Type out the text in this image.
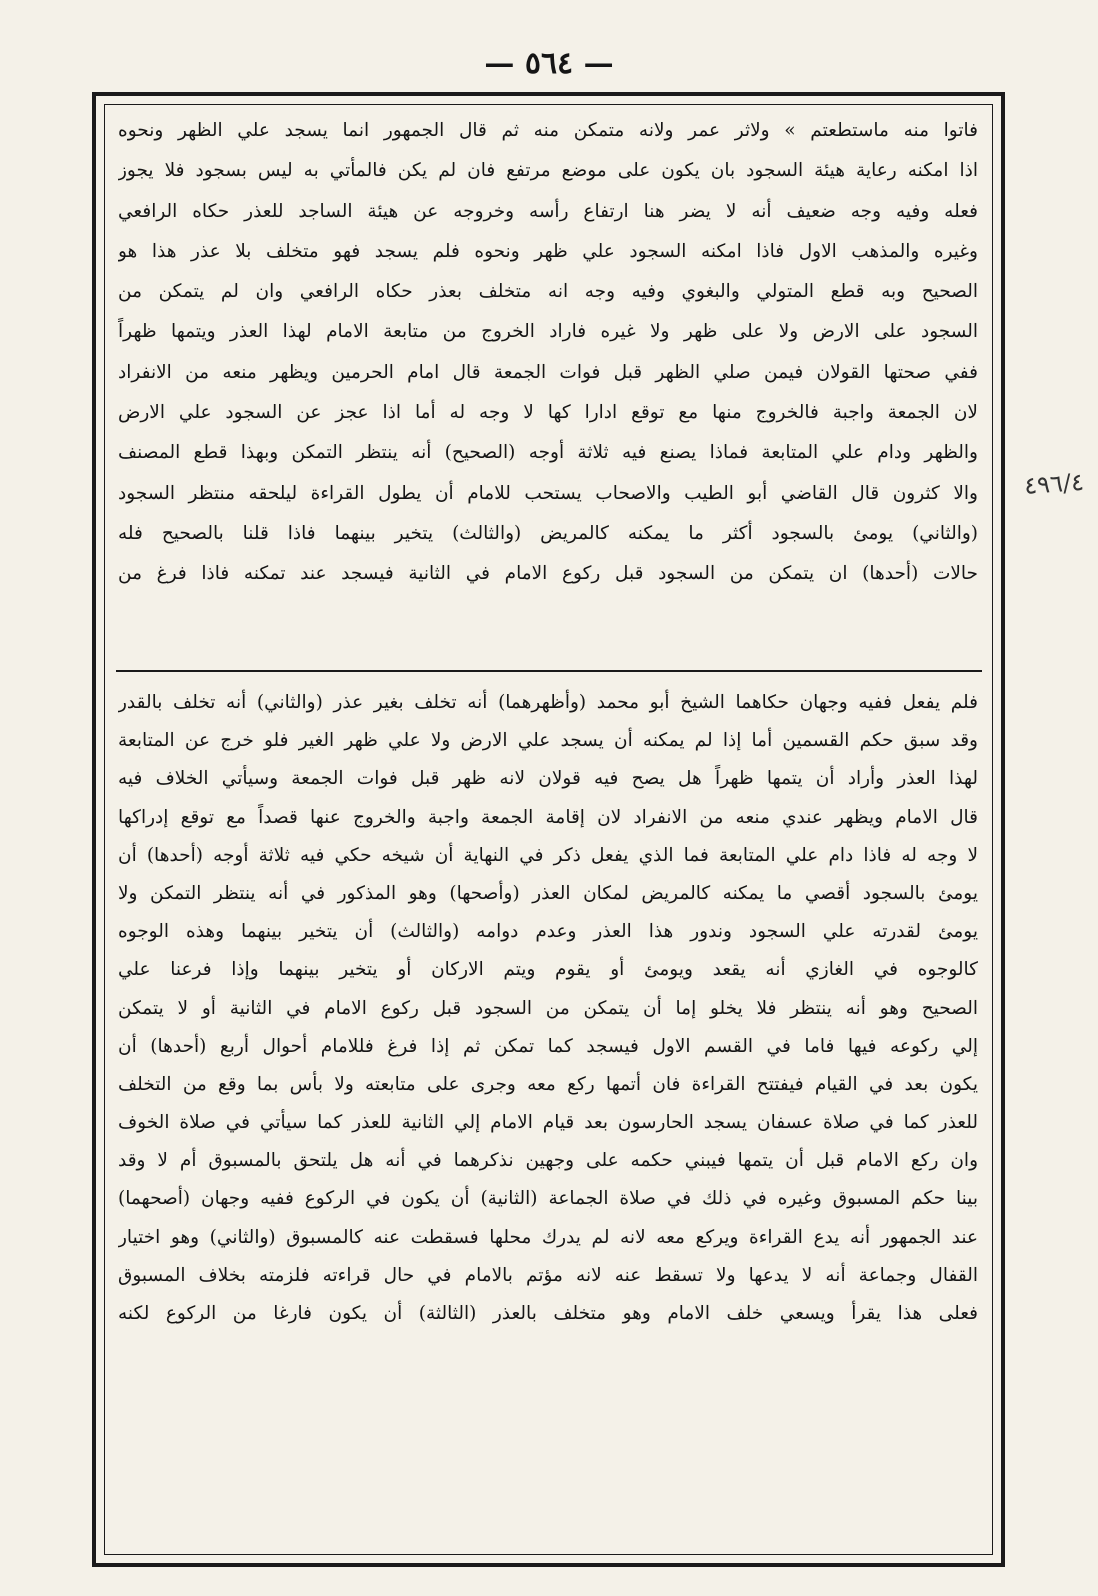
— ٥٦٤ —
فاتوا منه ماستطعتم » ولاثر عمر ولانه متمكن منه ثم قال الجمهور انما يسجد علي الظهر ونحوه
اذا امكنه رعاية هيئة السجود بان يكون على موضع مرتفع فان لم يكن فالمأتي به ليس بسجود فلا يجوز
فعله وفيه وجه ضعيف أنه لا يضر هنا ارتفاع رأسه وخروجه عن هيئة الساجد للعذر حكاه الرافعي
وغيره والمذهب الاول فاذا امكنه السجود علي ظهر ونحوه فلم يسجد فهو متخلف بلا عذر هذا هو
الصحيح وبه قطع المتولي والبغوي وفيه وجه انه متخلف بعذر حكاه الرافعي وان لم يتمكن من
السجود على الارض ولا على ظهر ولا غيره فاراد الخروج من متابعة الامام لهذا العذر ويتمها ظهراً
ففي صحتها القولان فيمن صلي الظهر قبل فوات الجمعة قال امام الحرمين ويظهر منعه من الانفراد
لان الجمعة واجبة فالخروج منها مع توقع ادارا كها لا وجه له أما اذا عجز عن السجود علي الارض
والظهر ودام علي المتابعة فماذا يصنع فيه ثلاثة أوجه (الصحيح) أنه ينتظر التمكن وبهذا قطع المصنف
والا كثرون قال القاضي أبو الطيب والاصحاب يستحب للامام أن يطول القراءة ليلحقه منتظر السجود
(والثاني) يومئ بالسجود أكثر ما يمكنه كالمريض (والثالث) يتخير بينهما فاذا قلنا بالصحيح فله
حالات (أحدها) ان يتمكن من السجود قبل ركوع الامام في الثانية فيسجد عند تمكنه فاذا فرغ من
فلم يفعل ففيه وجهان حكاهما الشيخ أبو محمد (وأظهرهما) أنه تخلف بغير عذر (والثاني) أنه تخلف بالقدر
وقد سبق حكم القسمين أما إذا لم يمكنه أن يسجد علي الارض ولا علي ظهر الغير فلو خرج عن المتابعة
لهذا العذر وأراد أن يتمها ظهراً هل يصح فيه قولان لانه ظهر قبل فوات الجمعة وسيأتي الخلاف فيه
قال الامام ويظهر عندي منعه من الانفراد لان إقامة الجمعة واجبة والخروج عنها قصداً مع توقع إدراكها
لا وجه له فاذا دام علي المتابعة فما الذي يفعل ذكر في النهاية أن شيخه حكي فيه ثلاثة أوجه (أحدها) أن
يومئ بالسجود أقصي ما يمكنه كالمريض لمكان العذر (وأصحها) وهو المذكور في أنه ينتظر التمكن ولا
يومئ لقدرته علي السجود وندور هذا العذر وعدم دوامه (والثالث) أن يتخير بينهما وهذه الوجوه
كالوجوه في الغازي أنه يقعد ويومئ أو يقوم ويتم الاركان أو يتخير بينهما وإذا فرعنا علي
الصحيح وهو أنه ينتظر فلا يخلو إما أن يتمكن من السجود قبل ركوع الامام في الثانية أو لا يتمكن
إلي ركوعه فيها فاما في القسم الاول فيسجد كما تمكن ثم إذا فرغ فللامام أحوال أربع (أحدها) أن
يكون بعد في القيام فيفتتح القراءة فان أتمها ركع معه وجرى على متابعته ولا بأس بما وقع من التخلف
للعذر كما في صلاة عسفان يسجد الحارسون بعد قيام الامام إلي الثانية للعذر كما سيأتي في صلاة الخوف
وان ركع الامام قبل أن يتمها فيبني حكمه على وجهين نذكرهما في أنه هل يلتحق بالمسبوق أم لا وقد
بينا حكم المسبوق وغيره في ذلك في صلاة الجماعة (الثانية) أن يكون في الركوع ففيه وجهان (أصحهما)
عند الجمهور أنه يدع القراءة ويركع معه لانه لم يدرك محلها فسقطت عنه كالمسبوق (والثاني) وهو اختيار
القفال وجماعة أنه لا يدعها ولا تسقط عنه لانه مؤتم بالامام في حال قراءته فلزمته بخلاف المسبوق
فعلى هذا يقرأ ويسعي خلف الامام وهو متخلف بالعذر (الثالثة) أن يكون فارغا من الركوع لكنه
٤٩٦/٤
